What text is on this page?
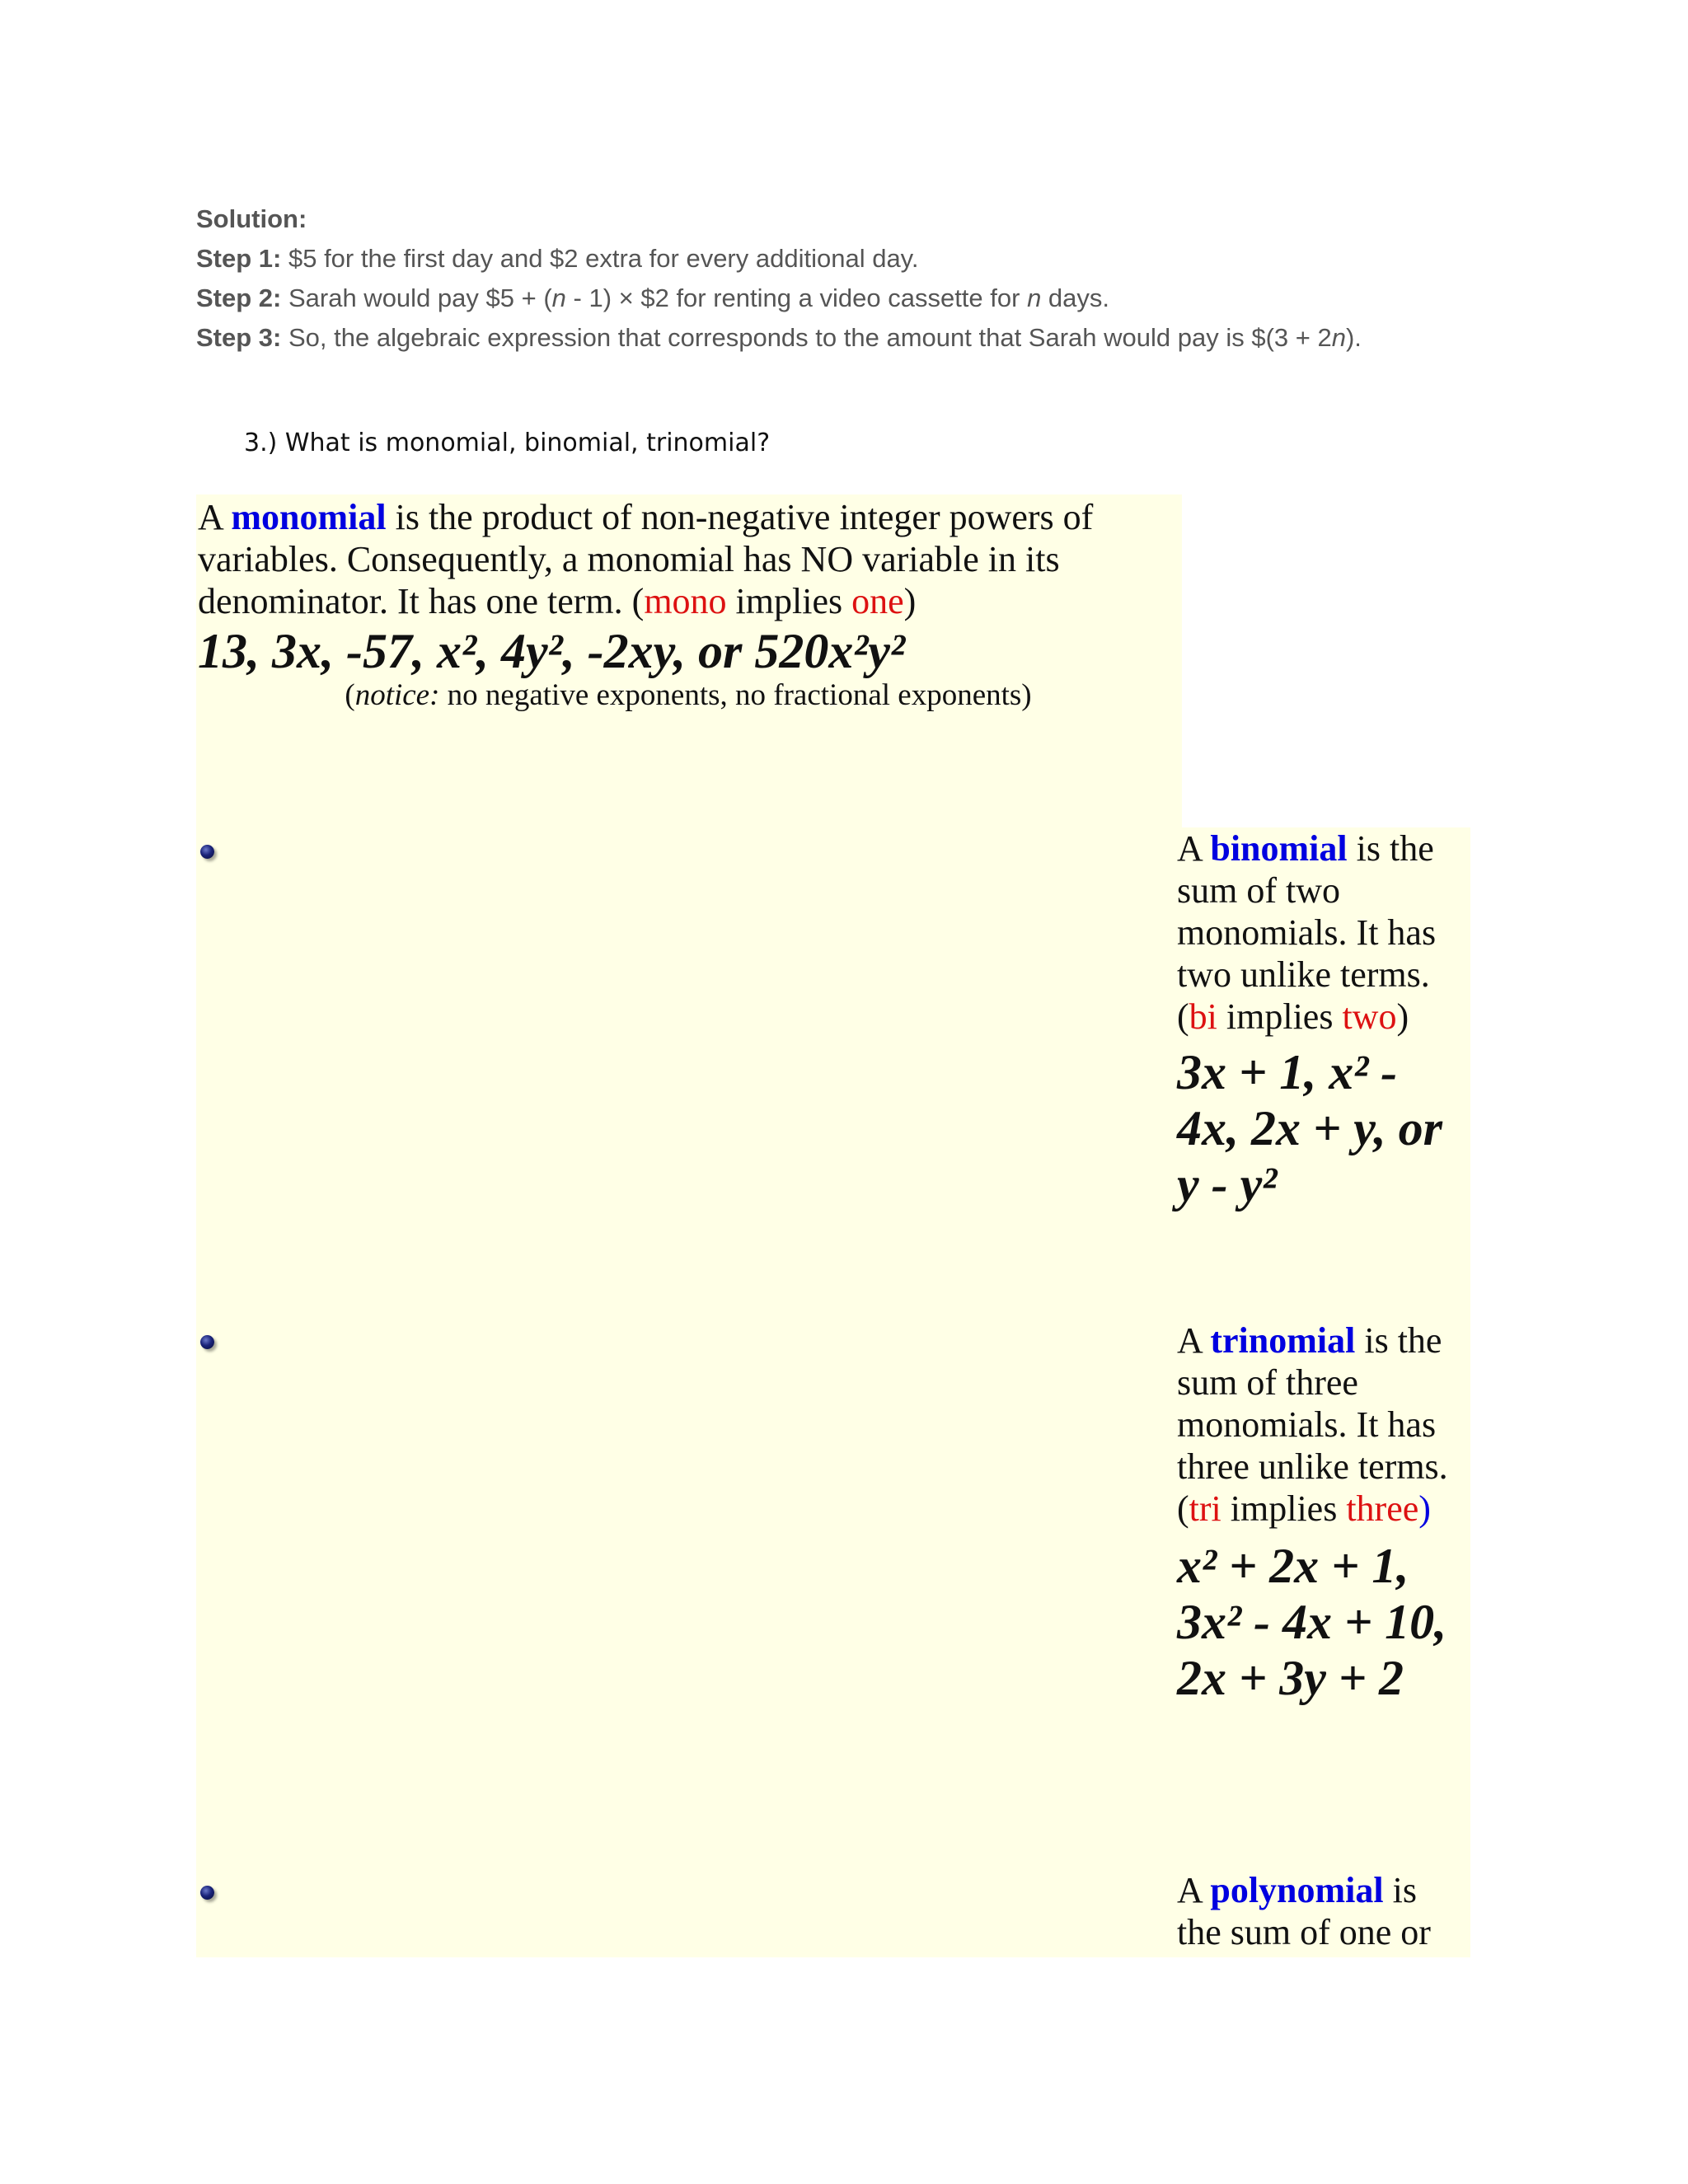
Solution:
Step 1: $5 for the first day and $2 extra for every additional day.
Step 2: Sarah would pay $5 + (n - 1) × $2 for renting a video cassette for n days.
Step 3: So, the algebraic expression that corresponds to the amount that Sarah would pay is $(3 + 2n).
3.) What is monomial, binomial, trinomial?
A monomial is the product of non-negative integer powers of variables. Consequently, a monomial has NO variable in its denominator. It has one term. (mono implies one)
13, 3x, -57, x², 4y², -2xy, or 520x²y²
(notice: no negative exponents, no fractional exponents)
A binomial is the sum of two monomials. It has two unlike terms. (bi implies two)
3x + 1, x² - 4x, 2x + y, or y - y²
A trinomial is the sum of three monomials. It has three unlike terms. (tri implies three)
x² + 2x + 1, 3x² - 4x + 10, 2x + 3y + 2
A polynomial is the sum of one or
